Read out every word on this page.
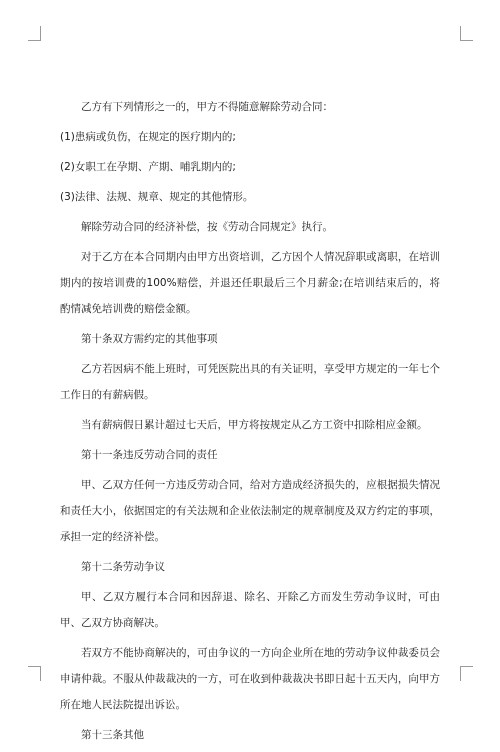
乙方有下列情形之一的，甲方不得随意解除劳动合同：

(1)患病或负伤，在规定的医疗期内的;

(2)女职工在孕期、产期、哺乳期内的;

(3)法律、法规、规章、规定的其他情形。

解除劳动合同的经济补偿，按《劳动合同规定》执行。

对于乙方在本合同期内由甲方出资培训，乙方因个人情况辞职或离职，在培训期内的按培训费的100%赔偿，并退还任职最后三个月薪金;在培训结束后的，将酌情减免培训费的赔偿金额。

第十条双方需约定的其他事项

乙方若因病不能上班时，可凭医院出具的有关证明，享受甲方规定的一年七个工作日的有薪病假。

当有薪病假日累计超过七天后，甲方将按规定从乙方工资中扣除相应金额。

第十一条违反劳动合同的责任

甲、乙双方任何一方违反劳动合同，给对方造成经济损失的，应根据损失情况和责任大小，依据国定的有关法规和企业依法制定的规章制度及双方约定的事项，承担一定的经济补偿。

第十二条劳动争议

甲、乙双方履行本合同和因辞退、除名、开除乙方而发生劳动争议时，可由甲、乙双方协商解决。

若双方不能协商解决的，可由争议的一方向企业所在地的劳动争议仲裁委员会申请仲裁。不服从仲裁裁决的一方，可在收到仲裁裁决书即日起十五天内，向甲方所在地人民法院提出诉讼。

第十三条其他
